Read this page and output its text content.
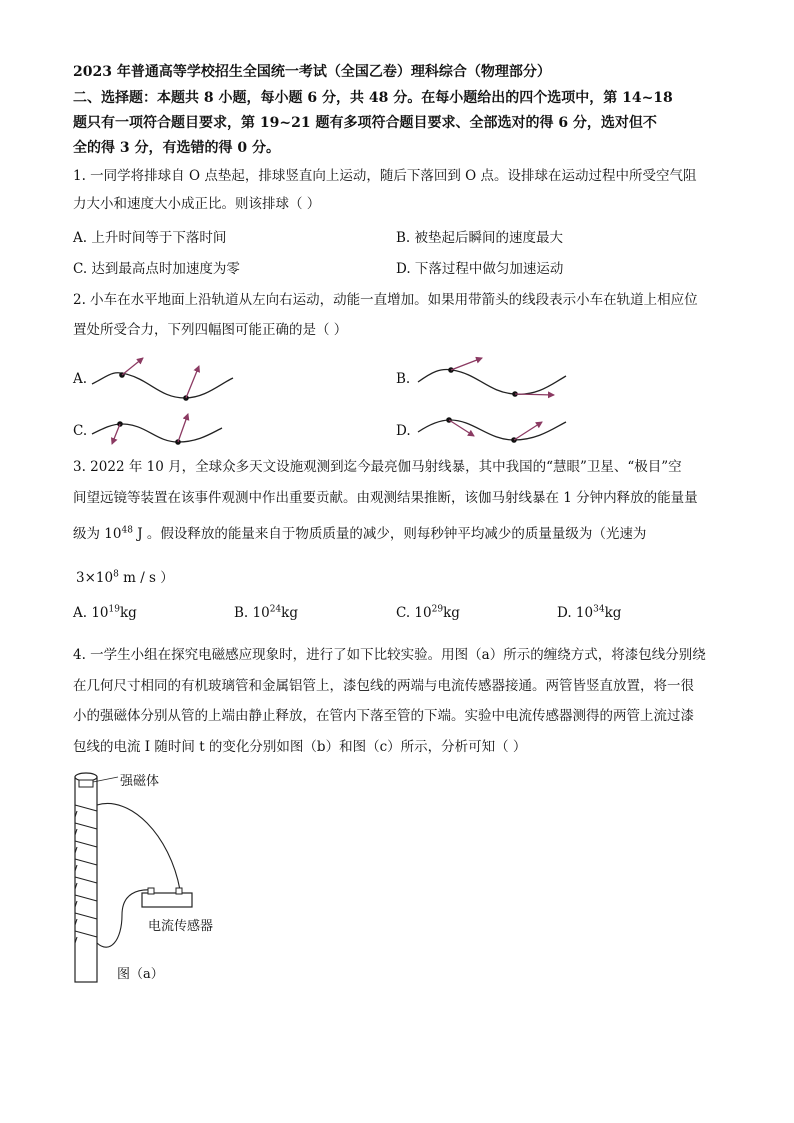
2023 年普通高等学校招生全国统一考试（全国乙卷）理科综合（物理部分）
二、选择题：本题共 8 小题，每小题 6 分，共 48 分。在每小题给出的四个选项中，第 14~18
题只有一项符合题目要求，第 19~21 题有多项符合题目要求、全部选对的得 6 分，选对但不
全的得 3 分，有选错的得 0 分。
1. 一同学将排球自 O 点垫起，排球竖直向上运动，随后下落回到 O 点。设排球在运动过程中所受空气阻
力大小和速度大小成正比。则该排球（ ）
A. 上升时间等于下落时间	B. 被垫起后瞬间的速度最大
C. 达到最高点时加速度为零	D. 下落过程中做匀加速运动
2. 小车在水平地面上沿轨道从左向右运动，动能一直增加。如果用带箭头的线段表示小车在轨道上相应位
置处所受合力，下列四幅图可能正确的是（ ）
A.	B.
C.	D.
3. 2022 年 10 月，全球众多天文设施观测到迄今最亮伽马射线暴，其中我国的“慧眼”卫星、“极目”空
间望远镜等装置在该事件观测中作出重要贡献。由观测结果推断，该伽马射线暴在 1 分钟内释放的能量量
级为 $10^{48}$ J 。假设释放的能量来自于物质质量的减少，则每秒钟平均减少的质量量级为（光速为
$3\times 10^8$ m / s ）
A. $10^{19}kg$	B. $10^{24}kg$	C. $10^{29}kg$	D. $10^{34}kg$
4. 一学生小组在探究电磁感应现象时，进行了如下比较实验。用图（a）所示的缠绕方式，将漆包线分别绕
在几何尺寸相同的有机玻璃管和金属铝管上，漆包线的两端与电流传感器接通。两管皆竖直放置，将一很
小的强磁体分别从管的上端由静止释放，在管内下落至管的下端。实验中电流传感器测得的两管上流过漆
包线的电流 I 随时间 t 的变化分别如图（b）和图（c）所示，分析可知（ ）
强磁体
电流传感器
图（a）
